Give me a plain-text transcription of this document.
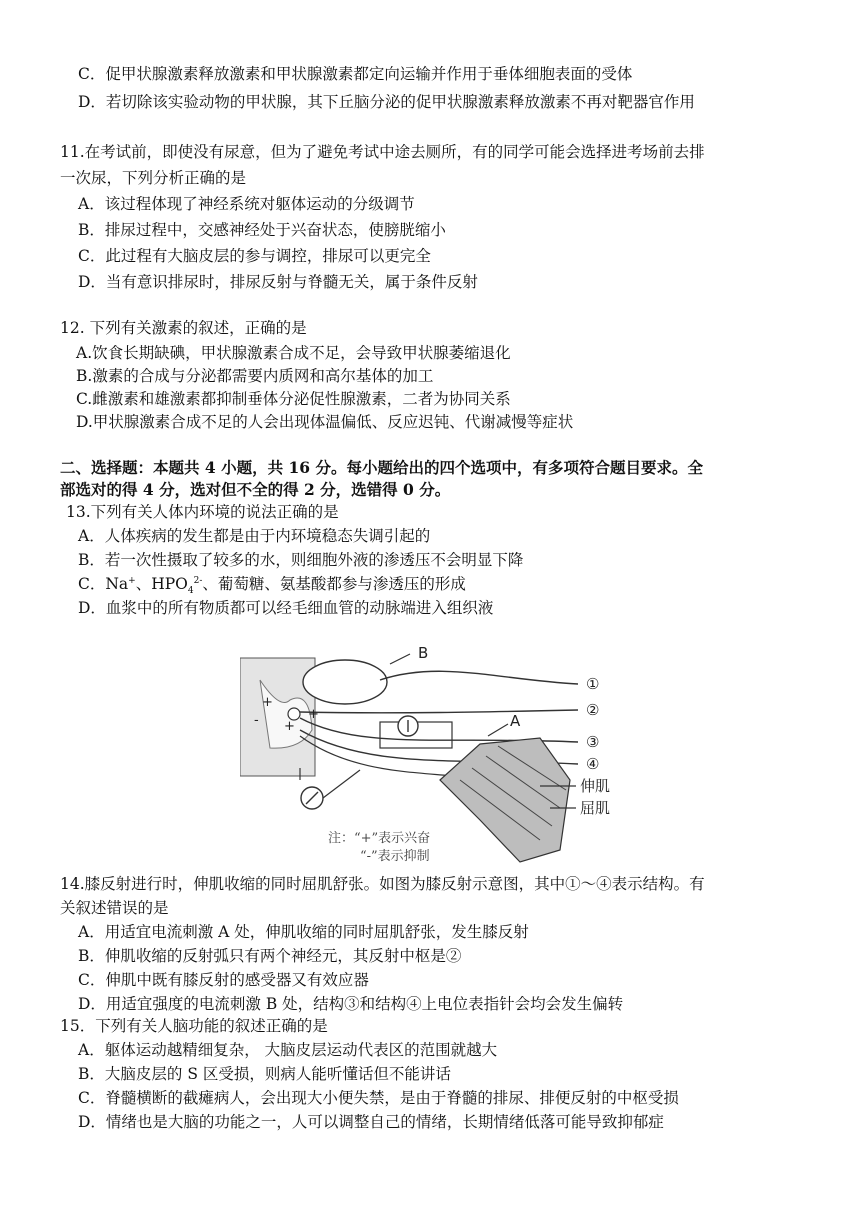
C．促甲状腺激素释放激素和甲状腺激素都定向运输并作用于垂体细胞表面的受体
D．若切除该实验动物的甲状腺，其下丘脑分泌的促甲状腺激素释放激素不再对靶器官作用
11.在考试前，即使没有尿意，但为了避免考试中途去厕所，有的同学可能会选择进考场前去排
一次尿，下列分析正确的是
A．该过程体现了神经系统对躯体运动的分级调节
B．排尿过程中，交感神经处于兴奋状态，使膀胱缩小
C．此过程有大脑皮层的参与调控，排尿可以更完全
D．当有意识排尿时，排尿反射与脊髓无关，属于条件反射
12. 下列有关激素的叙述，正确的是
A.饮食长期缺碘，甲状腺激素合成不足，会导致甲状腺萎缩退化
B.激素的合成与分泌都需要内质网和高尔基体的加工
C.雌激素和雄激素都抑制垂体分泌促性腺激素，二者为协同关系
D.甲状腺激素合成不足的人会出现体温偏低、反应迟钝、代谢减慢等症状
二、选择题：本题共 4 小题，共 16 分。每小题给出的四个选项中，有多项符合题目要求。全
部选对的得 4 分，选对但不全的得 2 分，选错得 0 分。
13.下列有关人体内环境的说法正确的是
A．人体疾病的发生都是由于内环境稳态失调引起的
B．若一次性摄取了较多的水，则细胞外液的渗透压不会明显下降
C．Na+、$HPO_4^{2-}$、葡萄糖、氨基酸都参与渗透压的形成
D．血浆中的所有物质都可以经毛细血管的动脉端进入组织液
+
+
+
-
B
A
①
②
③
④
伸肌
屈肌
注：“+”表示兴奋
“-”表示抑制
14.膝反射进行时，伸肌收缩的同时屈肌舒张。如图为膝反射示意图，其中①～④表示结构。有
关叙述错误的是
A．用适宜电流刺激 A 处，伸肌收缩的同时屈肌舒张，发生膝反射
B．伸肌收缩的反射弧只有两个神经元，其反射中枢是②
C．伸肌中既有膝反射的感受器又有效应器
D．用适宜强度的电流刺激 B 处，结构③和结构④上电位表指针会均会发生偏转
15．下列有关人脑功能的叙述正确的是
A．躯体运动越精细复杂， 大脑皮层运动代表区的范围就越大
B．大脑皮层的 S 区受损，则病人能听懂话但不能讲话
C．脊髓横断的截瘫病人，会出现大小便失禁，是由于脊髓的排尿、排便反射的中枢受损
D．情绪也是大脑的功能之一，人可以调整自己的情绪，长期情绪低落可能导致抑郁症
